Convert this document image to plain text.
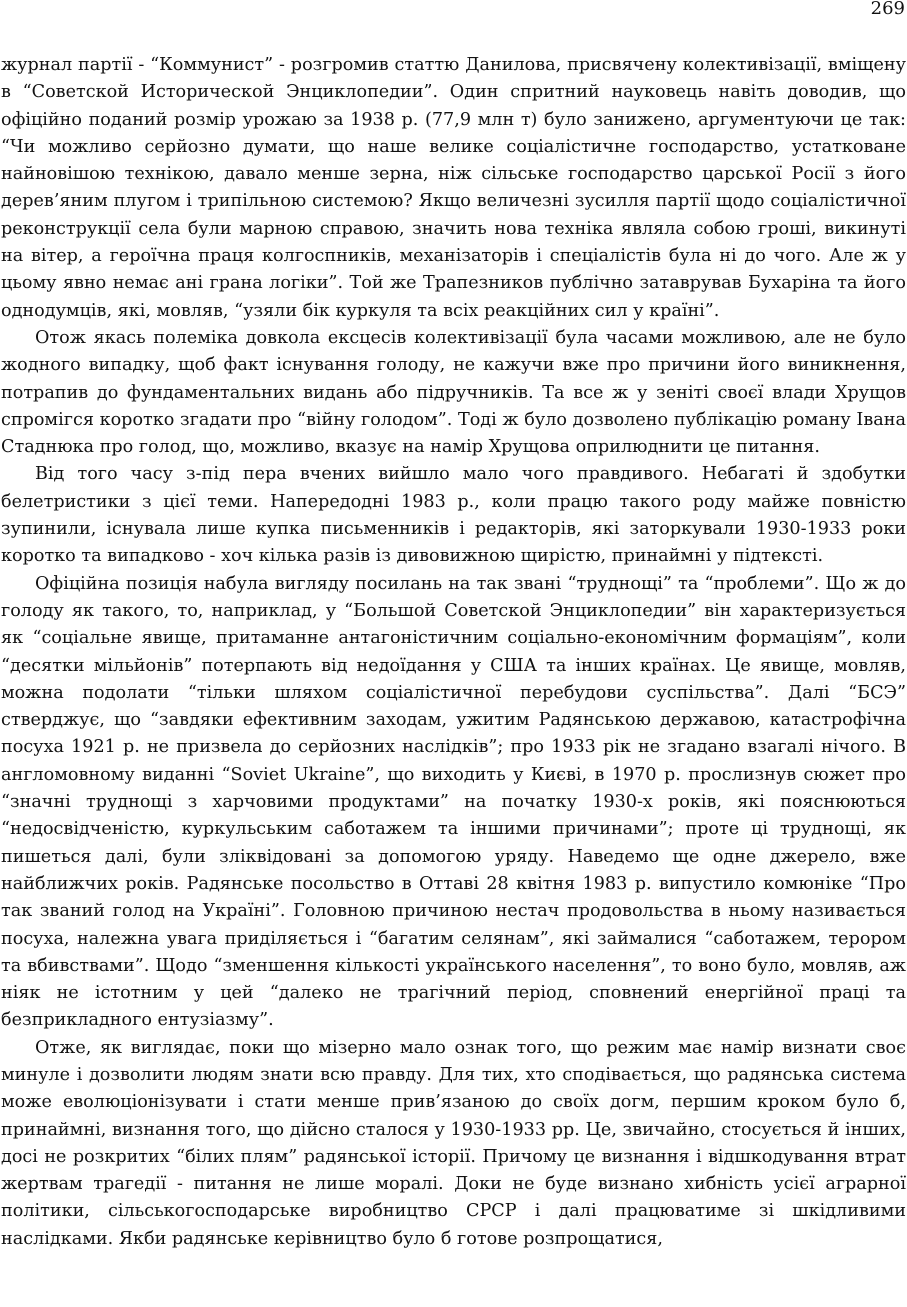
269

журнал партії - “Коммунист” - розгромив статтю Данилова, присвячену колективізації, вміщену в “Советской Исторической Энциклопедии”. Один спритний науковець навіть доводив, що офіційно поданий розмір урожаю за 1938 р. (77,9 млн т) було занижено, аргументуючи це так: “Чи можливо серйозно думати, що наше велике соціалістичне господарство, устатковане найновішою технікою, давало менше зерна, ніж сільське господарство царської Росії з його дерев’яним плугом і трипільною системою? Якщо величезні зусилля партії щодо соціалістичної реконструкції села були марною справою, значить нова техніка являла собою гроші, викинуті на вітер, а героїчна праця колгоспників, механізаторів і спеціалістів була ні до чого. Але ж у цьому явно немає ані грана логіки”. Той же Трапезников публічно затаврував Бухаріна та його однодумців, які, мовляв, “узяли бік куркуля та всіх реакційних сил у країні”.

Отож якась полеміка довкола ексцесів колективізації була часами можливою, але не було жодного випадку, щоб факт існування голоду, не кажучи вже про причини його виникнення, потрапив до фундаментальних видань або підручників. Та все ж у зеніті своєї влади Хрущов спромігся коротко згадати про “війну голодом”. Тоді ж було дозволено публікацію роману Івана Стаднюка про голод, що, можливо, вказує на намір Хрущова оприлюднити це питання.

Від того часу з-під пера вчених вийшло мало чого правдивого. Небагаті й здобутки белетристики з цієї теми. Напередодні 1983 р., коли працю такого роду майже повністю зупинили, існувала лише купка письменників і редакторів, які заторкували 1930-1933 роки коротко та випадково - хоч кілька разів із дивовижною щирістю, принаймні у підтексті.

Офіційна позиція набула вигляду посилань на так звані “труднощі” та “проблеми”. Що ж до голоду як такого, то, наприклад, у “Большой Советской Энциклопедии” він характеризується як “соціальне явище, притаманне антагоністичним соціально-економічним формаціям”, коли “десятки мільйонів” потерпають від недоїдання у США та інших країнах. Це явище, мовляв, можна подолати “тільки шляхом соціалістичної перебудови суспільства”. Далі “БСЭ” стверджує, що “завдяки ефективним заходам, ужитим Радянською державою, катастрофічна посуха 1921 р. не призвела до серйозних наслідків”; про 1933 рік не згадано взагалі нічого. В англомовному виданні “Soviet Ukraine”, що виходить у Києві, в 1970 р. прослизнув сюжет про “значні труднощі з харчовими продуктами” на початку 1930-х років, які пояснюються “недосвідченістю, куркульським саботажем та іншими причинами”; проте ці труднощі, як пишеться далі, були зліквідовані за допомогою уряду. Наведемо ще одне джерело, вже найближчих років. Радянське посольство в Оттаві 28 квітня 1983 р. випустило комюніке “Про так званий голод на Україні”. Головною причиною нестач продовольства в ньому називається посуха, належна увага приділяється і “багатим селянам”, які займалися “саботажем, терором та вбивствами”. Щодо “зменшення кількості українського населення”, то воно було, мовляв, аж ніяк не істотним у цей “далеко не трагічний період, сповнений енергійної праці та безприкладного ентузіазму”.

Отже, як виглядає, поки що мізерно мало ознак того, що режим має намір визнати своє минуле і дозволити людям знати всю правду. Для тих, хто сподівається, що радянська система може еволюціонізувати і стати менше прив’язаною до своїх догм, першим кроком було б, принаймні, визнання того, що дійсно сталося у 1930-1933 рр. Це, звичайно, стосується й інших, досі не розкритих “білих плям” радянської історії. Причому це визнання і відшкодування втрат жертвам трагедії - питання не лише моралі. Доки не буде визнано хибність усієї аграрної політики, сільськогосподарське виробництво СРСР і далі працюватиме зі шкідливими наслідками. Якби радянське керівництво було б готове розпрощатися,
